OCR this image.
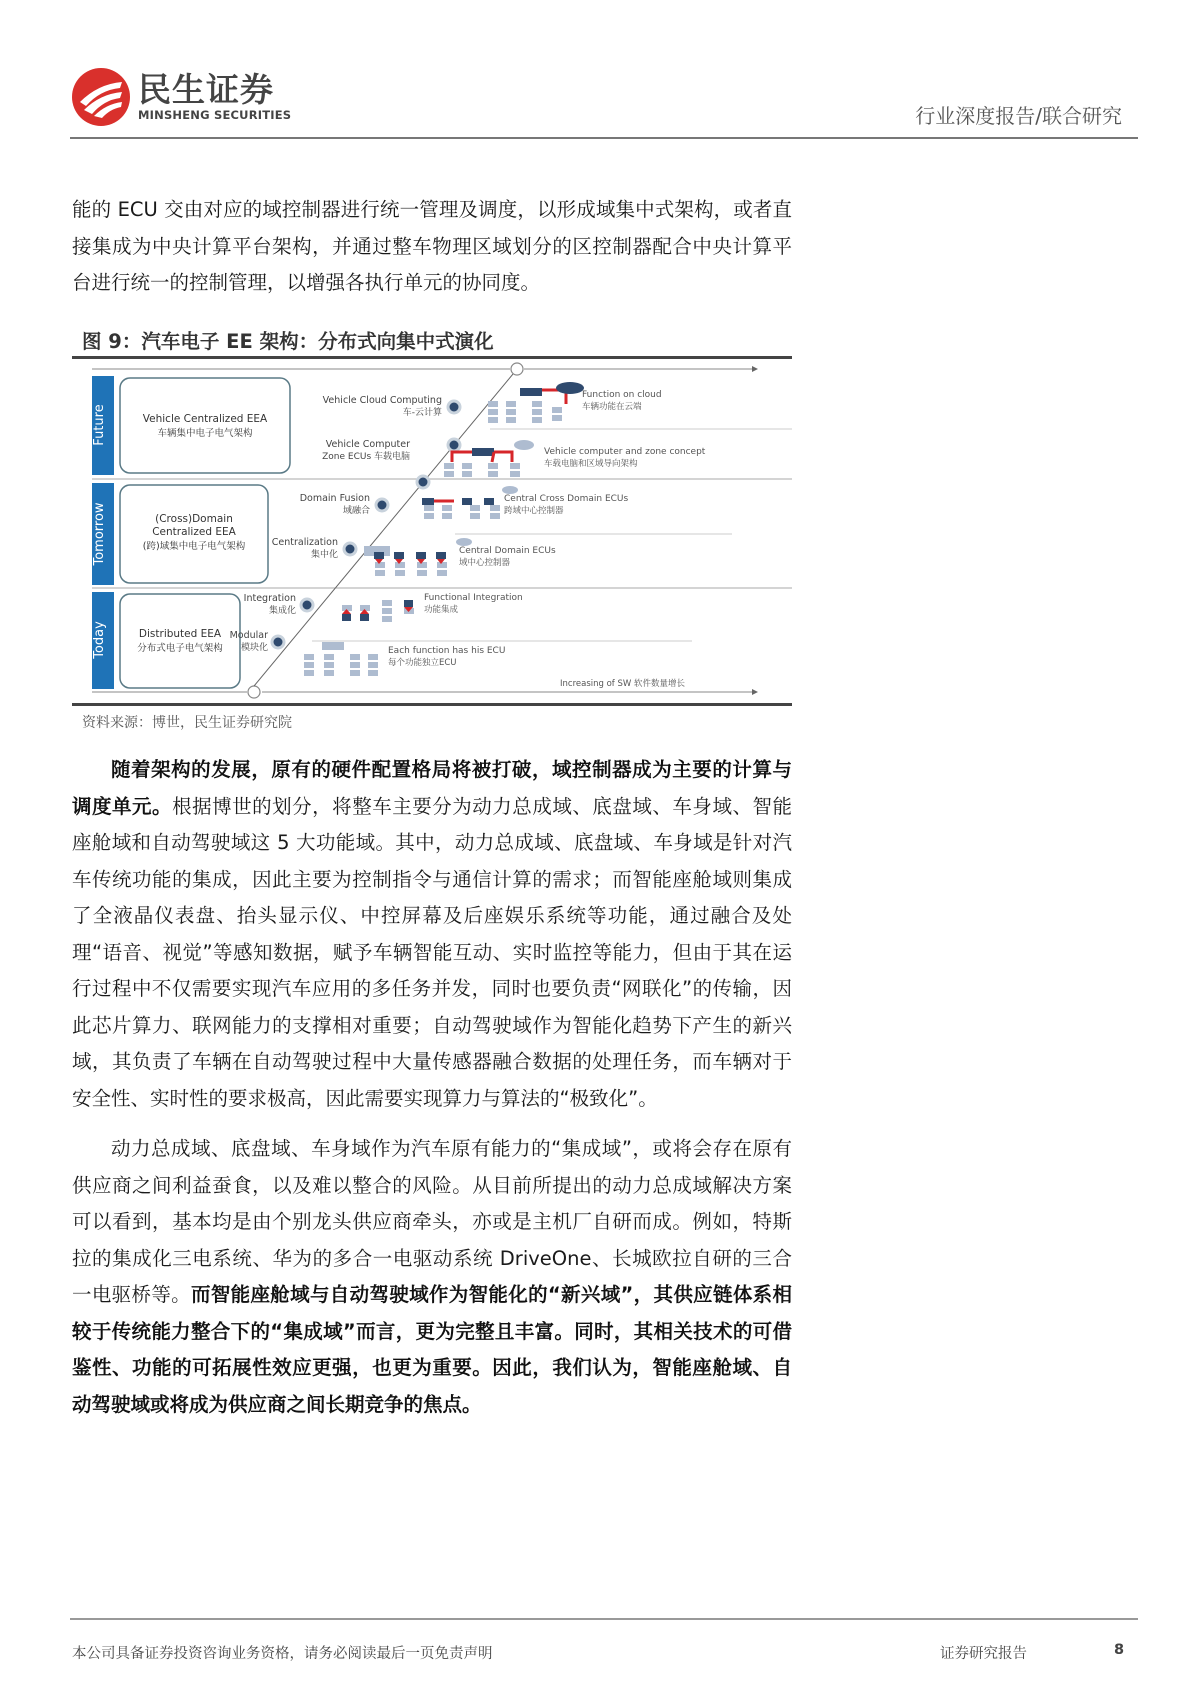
民生证券
MINSHENG SECURITIES	行业深度报告/联合研究
能的 ECU 交由对应的域控制器进行统一管理及调度，以形成域集中式架构，或者直接集成为中央计算平台架构，并通过整车物理区域划分的区控制器配合中央计算平台进行统一的控制管理，以增强各执行单元的协同度。
图 9：汽车电子 EE 架构：分布式向集中式演化
Future
Tomorrow
Today
Vehicle Centralized EEA
车辆集中电子电气架构
(Cross)Domain
Centralized EEA
(跨)域集中电子电气架构
Distributed EEA
分布式电子电气架构
Vehicle Cloud Computing
车-云计算
Vehicle Computer
Zone ECUs 车载电脑
Domain Fusion
域融合
Centralization
集中化
Integration
集成化
Modular
模块化
Function on cloud
车辆功能在云端
Vehicle computer and zone concept
车载电脑和区域导向架构
Central Cross Domain ECUs
跨域中心控制器
Central Domain ECUs
域中心控制器
Functional Integration
功能集成
Each function has his ECU
每个功能独立ECU
Increasing of SW 软件数量增长
资料来源：博世，民生证券研究院
随着架构的发展，原有的硬件配置格局将被打破，域控制器成为主要的计算与调度单元。根据博世的划分，将整车主要分为动力总成域、底盘域、车身域、智能座舱域和自动驾驶域这 5 大功能域。其中，动力总成域、底盘域、车身域是针对汽车传统功能的集成，因此主要为控制指令与通信计算的需求；而智能座舱域则集成了全液晶仪表盘、抬头显示仪、中控屏幕及后座娱乐系统等功能，通过融合及处理“语音、视觉”等感知数据，赋予车辆智能互动、实时监控等能力，但由于其在运行过程中不仅需要实现汽车应用的多任务并发，同时也要负责“网联化”的传输，因此芯片算力、联网能力的支撑相对重要；自动驾驶域作为智能化趋势下产生的新兴域，其负责了车辆在自动驾驶过程中大量传感器融合数据的处理任务，而车辆对于安全性、实时性的要求极高，因此需要实现算力与算法的“极致化”。
动力总成域、底盘域、车身域作为汽车原有能力的“集成域”，或将会存在原有供应商之间利益蚕食，以及难以整合的风险。从目前所提出的动力总成域解决方案可以看到，基本均是由个别龙头供应商牵头，亦或是主机厂自研而成。例如，特斯拉的集成化三电系统、华为的多合一电驱动系统 DriveOne、长城欧拉自研的三合一电驱桥等。而智能座舱域与自动驾驶域作为智能化的“新兴域”，其供应链体系相较于传统能力整合下的“集成域”而言，更为完整且丰富。同时，其相关技术的可借鉴性、功能的可拓展性效应更强，也更为重要。因此，我们认为，智能座舱域、自动驾驶域或将成为供应商之间长期竞争的焦点。
本公司具备证券投资咨询业务资格，请务必阅读最后一页免责声明	证券研究报告	8
